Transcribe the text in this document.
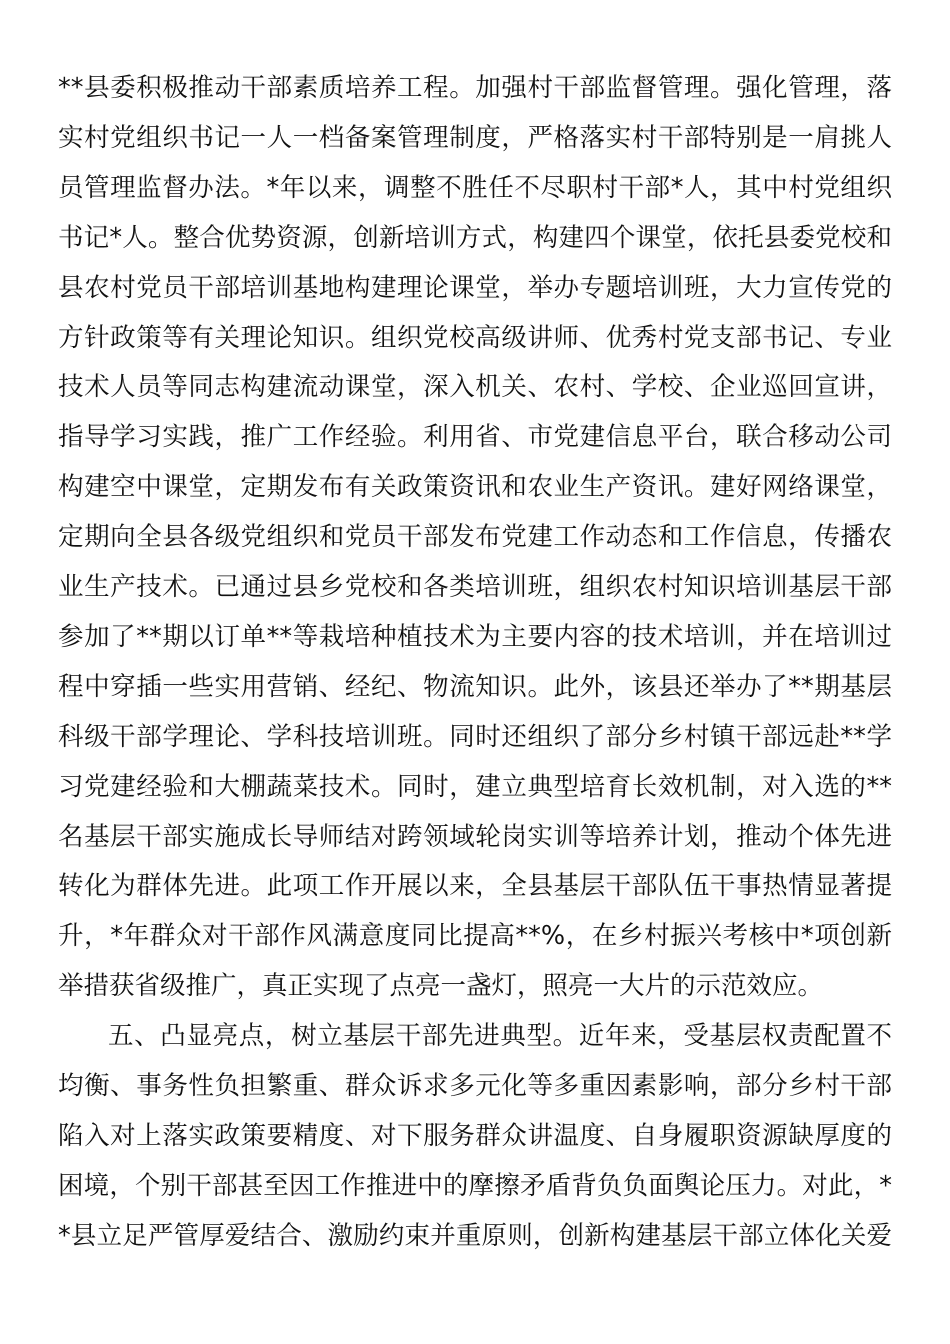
**县委积极推动干部素质培养工程。加强村干部监督管理。强化管理，落
实村党组织书记一人一档备案管理制度，严格落实村干部特别是一肩挑人
员管理监督办法。*年以来，调整不胜任不尽职村干部*人，其中村党组织
书记*人。整合优势资源，创新培训方式，构建四个课堂，依托县委党校和
县农村党员干部培训基地构建理论课堂，举办专题培训班，大力宣传党的
方针政策等有关理论知识。组织党校高级讲师、优秀村党支部书记、专业
技术人员等同志构建流动课堂，深入机关、农村、学校、企业巡回宣讲，
指导学习实践，推广工作经验。利用省、市党建信息平台，联合移动公司
构建空中课堂，定期发布有关政策资讯和农业生产资讯。建好网络课堂，
定期向全县各级党组织和党员干部发布党建工作动态和工作信息，传播农
业生产技术。已通过县乡党校和各类培训班，组织农村知识培训基层干部
参加了**期以订单**等栽培种植技术为主要内容的技术培训，并在培训过
程中穿插一些实用营销、经纪、物流知识。此外，该县还举办了**期基层
科级干部学理论、学科技培训班。同时还组织了部分乡村镇干部远赴**学
习党建经验和大棚蔬菜技术。同时，建立典型培育长效机制，对入选的**
名基层干部实施成长导师结对跨领域轮岗实训等培养计划，推动个体先进
转化为群体先进。此项工作开展以来，全县基层干部队伍干事热情显著提
升，*年群众对干部作风满意度同比提高**%，在乡村振兴考核中*项创新
举措获省级推广，真正实现了点亮一盏灯，照亮一大片的示范效应。
五、凸显亮点，树立基层干部先进典型。近年来，受基层权责配置不
均衡、事务性负担繁重、群众诉求多元化等多重因素影响，部分乡村干部
陷入对上落实政策要精度、对下服务群众讲温度、自身履职资源缺厚度的
困境，个别干部甚至因工作推进中的摩擦矛盾背负负面舆论压力。对此，*
*县立足严管厚爱结合、激励约束并重原则，创新构建基层干部立体化关爱
